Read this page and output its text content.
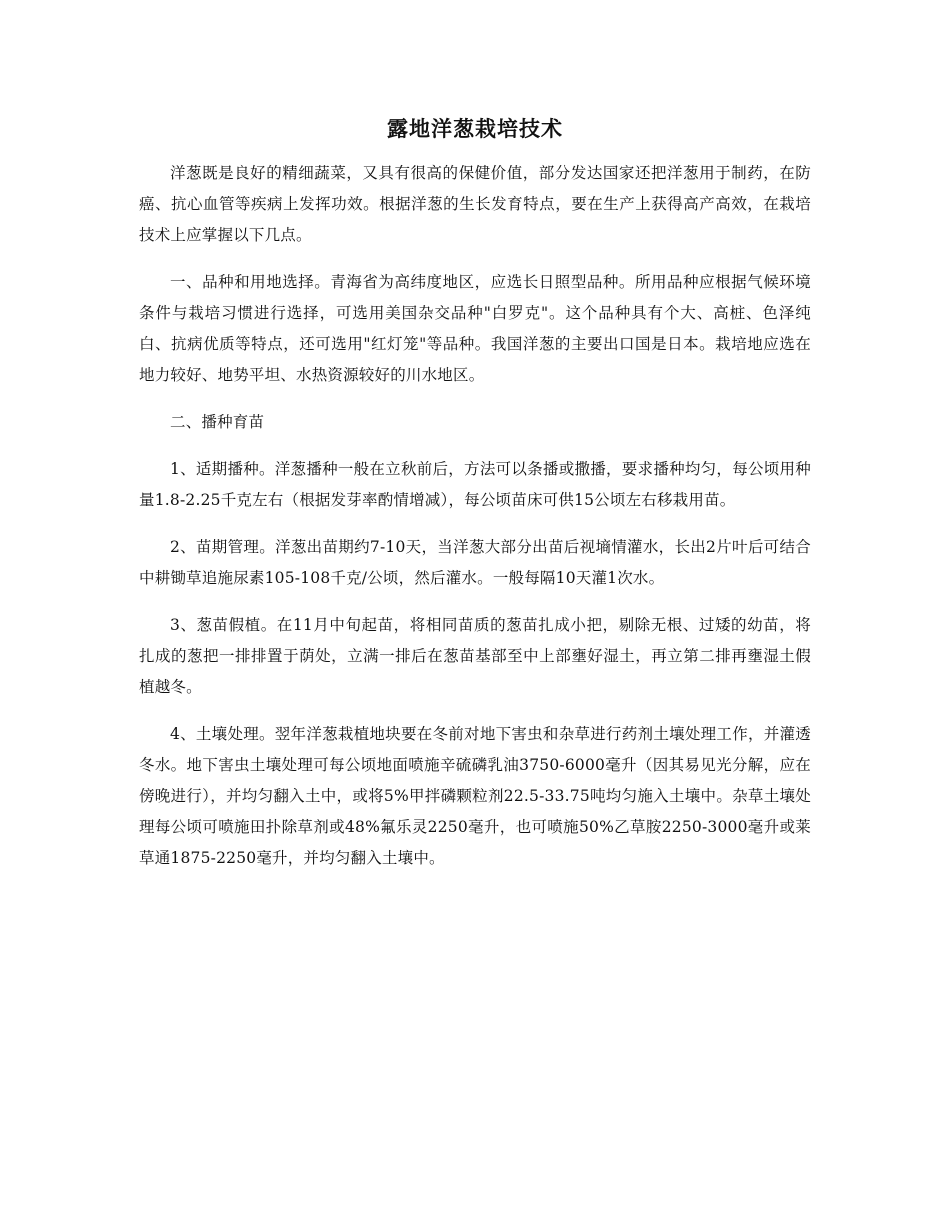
露地洋葱栽培技术

洋葱既是良好的精细蔬菜，又具有很高的保健价值，部分发达国家还把洋葱用于制药，在防癌、抗心血管等疾病上发挥功效。根据洋葱的生长发育特点，要在生产上获得高产高效，在栽培技术上应掌握以下几点。

一、品种和用地选择。青海省为高纬度地区，应选长日照型品种。所用品种应根据气候环境条件与栽培习惯进行选择，可选用美国杂交品种"白罗克"。这个品种具有个大、高桩、色泽纯白、抗病优质等特点，还可选用"红灯笼"等品种。我国洋葱的主要出口国是日本。栽培地应选在地力较好、地势平坦、水热资源较好的川水地区。

二、播种育苗

1、适期播种。洋葱播种一般在立秋前后，方法可以条播或撒播，要求播种均匀，每公顷用种量1.8-2.25千克左右（根据发芽率酌情增减），每公顷苗床可供15公顷左右移栽用苗。

2、苗期管理。洋葱出苗期约7-10天，当洋葱大部分出苗后视墒情灌水，长出2片叶后可结合中耕锄草追施尿素105-108千克/公顷，然后灌水。一般每隔10天灌1次水。

3、葱苗假植。在11月中旬起苗，将相同苗质的葱苗扎成小把，剔除无根、过矮的幼苗，将扎成的葱把一排排置于荫处，立满一排后在葱苗基部至中上部壅好湿土，再立第二排再壅湿土假植越冬。

4、土壤处理。翌年洋葱栽植地块要在冬前对地下害虫和杂草进行药剂土壤处理工作，并灌透冬水。地下害虫土壤处理可每公顷地面喷施辛硫磷乳油3750-6000毫升（因其易见光分解，应在傍晚进行），并均匀翻入土中，或将5%甲拌磷颗粒剂22.5-33.75吨均匀施入土壤中。杂草土壤处理每公顷可喷施田扑除草剂或48%氟乐灵2250毫升，也可喷施50%乙草胺2250-3000毫升或莱草通1875-2250毫升，并均匀翻入土壤中。
